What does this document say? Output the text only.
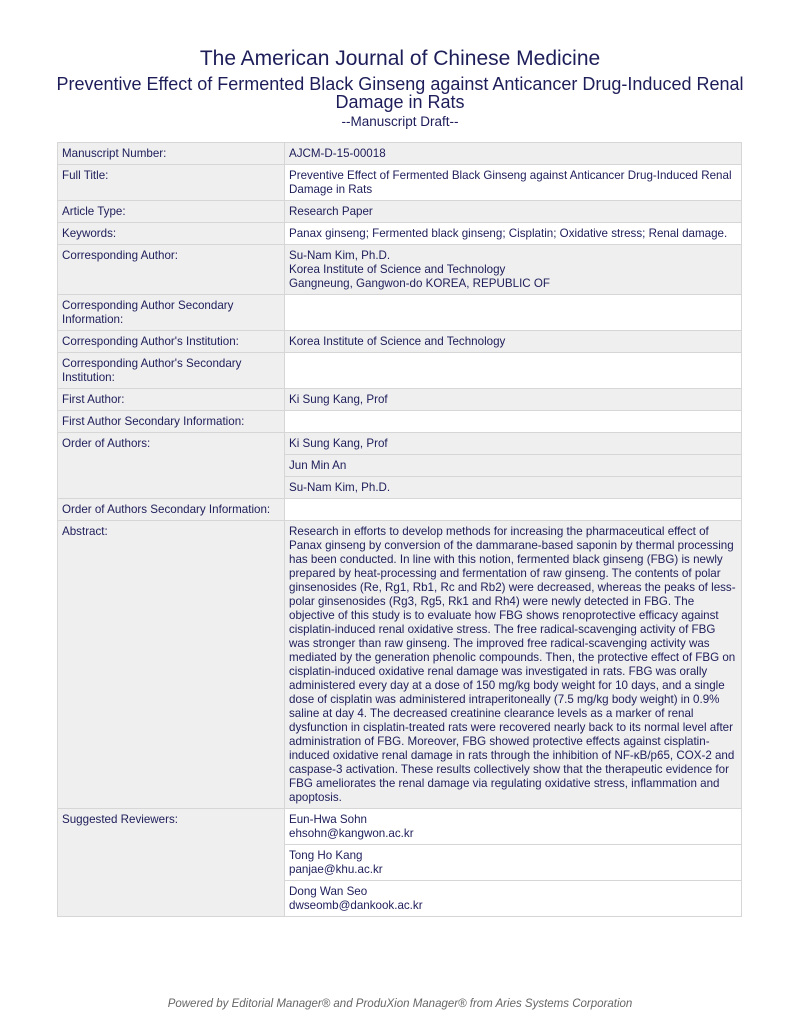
The American Journal of Chinese Medicine
Preventive Effect of Fermented Black Ginseng against Anticancer Drug-Induced Renal Damage in Rats
--Manuscript Draft--
Manuscript Number:	AJCM-D-15-00018
Full Title:	Preventive Effect of Fermented Black Ginseng against Anticancer Drug-Induced Renal Damage in Rats
Article Type:	Research Paper
Keywords:	Panax ginseng; Fermented black ginseng; Cisplatin; Oxidative stress; Renal damage.
Corresponding Author:	Su-Nam Kim, Ph.D.
Korea Institute of Science and Technology
Gangneung, Gangwon-do KOREA, REPUBLIC OF

Corresponding Author Secondary Information:	
Corresponding Author's Institution:	Korea Institute of Science and Technology
Corresponding Author's Secondary Institution:	
First Author:	Ki Sung Kang, Prof
First Author Secondary Information:	
Order of Authors:	Ki Sung Kang, Prof
	Jun Min An
	Su-Nam Kim, Ph.D.
Order of Authors Secondary Information:	
Abstract:	Research in efforts to develop methods for increasing the pharmaceutical effect of Panax ginseng by conversion of the dammarane-based saponin by thermal processing has been conducted. In line with this notion, fermented black ginseng (FBG) is newly prepared by heat-processing and fermentation of raw ginseng. The contents of polar ginsenosides (Re, Rg1, Rb1, Rc and Rb2) were decreased, whereas the peaks of less-polar ginsenosides (Rg3, Rg5, Rk1 and Rh4) were newly detected in FBG. The objective of this study is to evaluate how FBG shows renoprotective efficacy against cisplatin-induced renal oxidative stress. The free radical-scavenging activity of FBG was stronger than raw ginseng. The improved free radical-scavenging activity was mediated by the generation phenolic compounds. Then, the protective effect of FBG on cisplatin-induced oxidative renal damage was investigated in rats. FBG was orally administered every day at a dose of 150 mg/kg body weight for 10 days, and a single dose of cisplatin was administered intraperitoneally (7.5 mg/kg body weight) in 0.9% saline at day 4. The decreased creatinine clearance levels as a marker of renal dysfunction in cisplatin-treated rats were recovered nearly back to its normal level after administration of FBG. Moreover, FBG showed protective effects against cisplatin-induced oxidative renal damage in rats through the inhibition of NF-κB/p65, COX-2 and caspase-3 activation. These results collectively show that the therapeutic evidence for FBG ameliorates the renal damage via regulating oxidative stress, inflammation and apoptosis.
Suggested Reviewers:	Eun-Hwa Sohn
ehsohn@kangwon.ac.kr

	Tong Ho Kang
panjae@khu.ac.kr

	Dong Wan Seo
dwseomb@dankook.ac.kr
Powered by Editorial Manager® and ProduXion Manager® from Aries Systems Corporation
